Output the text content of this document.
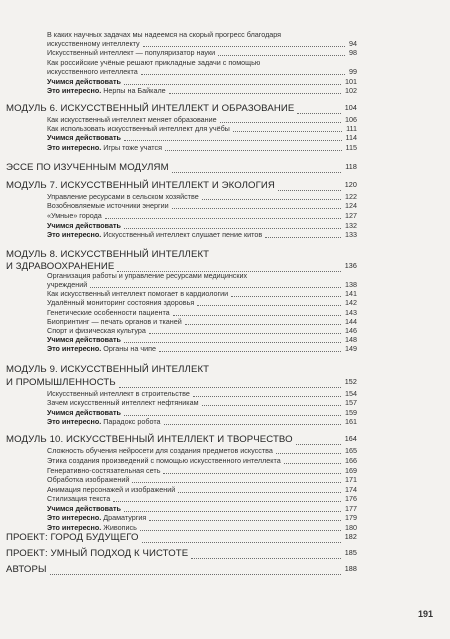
В каких научных задачах мы надеемся на скорый прогресс благодаря
искусственному интеллекту	94
Искусственный интеллект — популяризатор науки	98
Как российские учёные решают прикладные задачи с помощью
искусственного интеллекта	99
Учимся действовать	101
Это интересно. Нерпы на Байкале	102
МОДУЛЬ 6. ИСКУССТВЕННЫЙ ИНТЕЛЛЕКТ И ОБРАЗОВАНИЕ	104
Как искусственный интеллект меняет образование	106
Как использовать искусственный интеллект для учёбы	111
Учимся действовать	114
Это интересно. Игры тоже учатся	115
ЭССЕ ПО ИЗУЧЕННЫМ МОДУЛЯМ	118
МОДУЛЬ 7. ИСКУССТВЕННЫЙ ИНТЕЛЛЕКТ И ЭКОЛОГИЯ	120
Управление ресурсами в сельском хозяйстве	122
Возобновляемые источники энергии	124
«Умные» города	127
Учимся действовать	132
Это интересно. Искусственный интеллект слушает пение китов	133
МОДУЛЬ 8. ИСКУССТВЕННЫЙ ИНТЕЛЛЕКТ
И ЗДРАВООХРАНЕНИЕ	136
Организация работы и управление ресурсами медицинских
учреждений	138
Как искусственный интеллект помогает в кардиологии	141
Удалённый мониторинг состояния здоровья	142
Генетические особенности пациента	143
Биопринтинг — печать органов и тканей	144
Спорт и физическая культура	146
Учимся действовать	148
Это интересно. Органы на чипе	149
МОДУЛЬ 9. ИСКУССТВЕННЫЙ ИНТЕЛЛЕКТ
И ПРОМЫШЛЕННОСТЬ	152
Искусственный интеллект в строительстве	154
Зачем искусственный интеллект нефтяникам	157
Учимся действовать	159
Это интересно. Парадокс робота	161
МОДУЛЬ 10. ИСКУССТВЕННЫЙ ИНТЕЛЛЕКТ И ТВОРЧЕСТВО	164
Сложность обучения нейросети для создания предметов искусства	165
Этика создания произведений с помощью искусственного интеллекта	166
Генеративно-состязательная сеть	169
Обработка изображений	171
Анимация персонажей и изображений	174
Стилизация текста	176
Учимся действовать	177
Это интересно. Драматургия	179
Это интересно. Живопись	180
ПРОЕКТ: ГОРОД БУДУЩЕГО	182
ПРОЕКТ: УМНЫЙ ПОДХОД К ЧИСТОТЕ	185
АВТОРЫ	188
191
